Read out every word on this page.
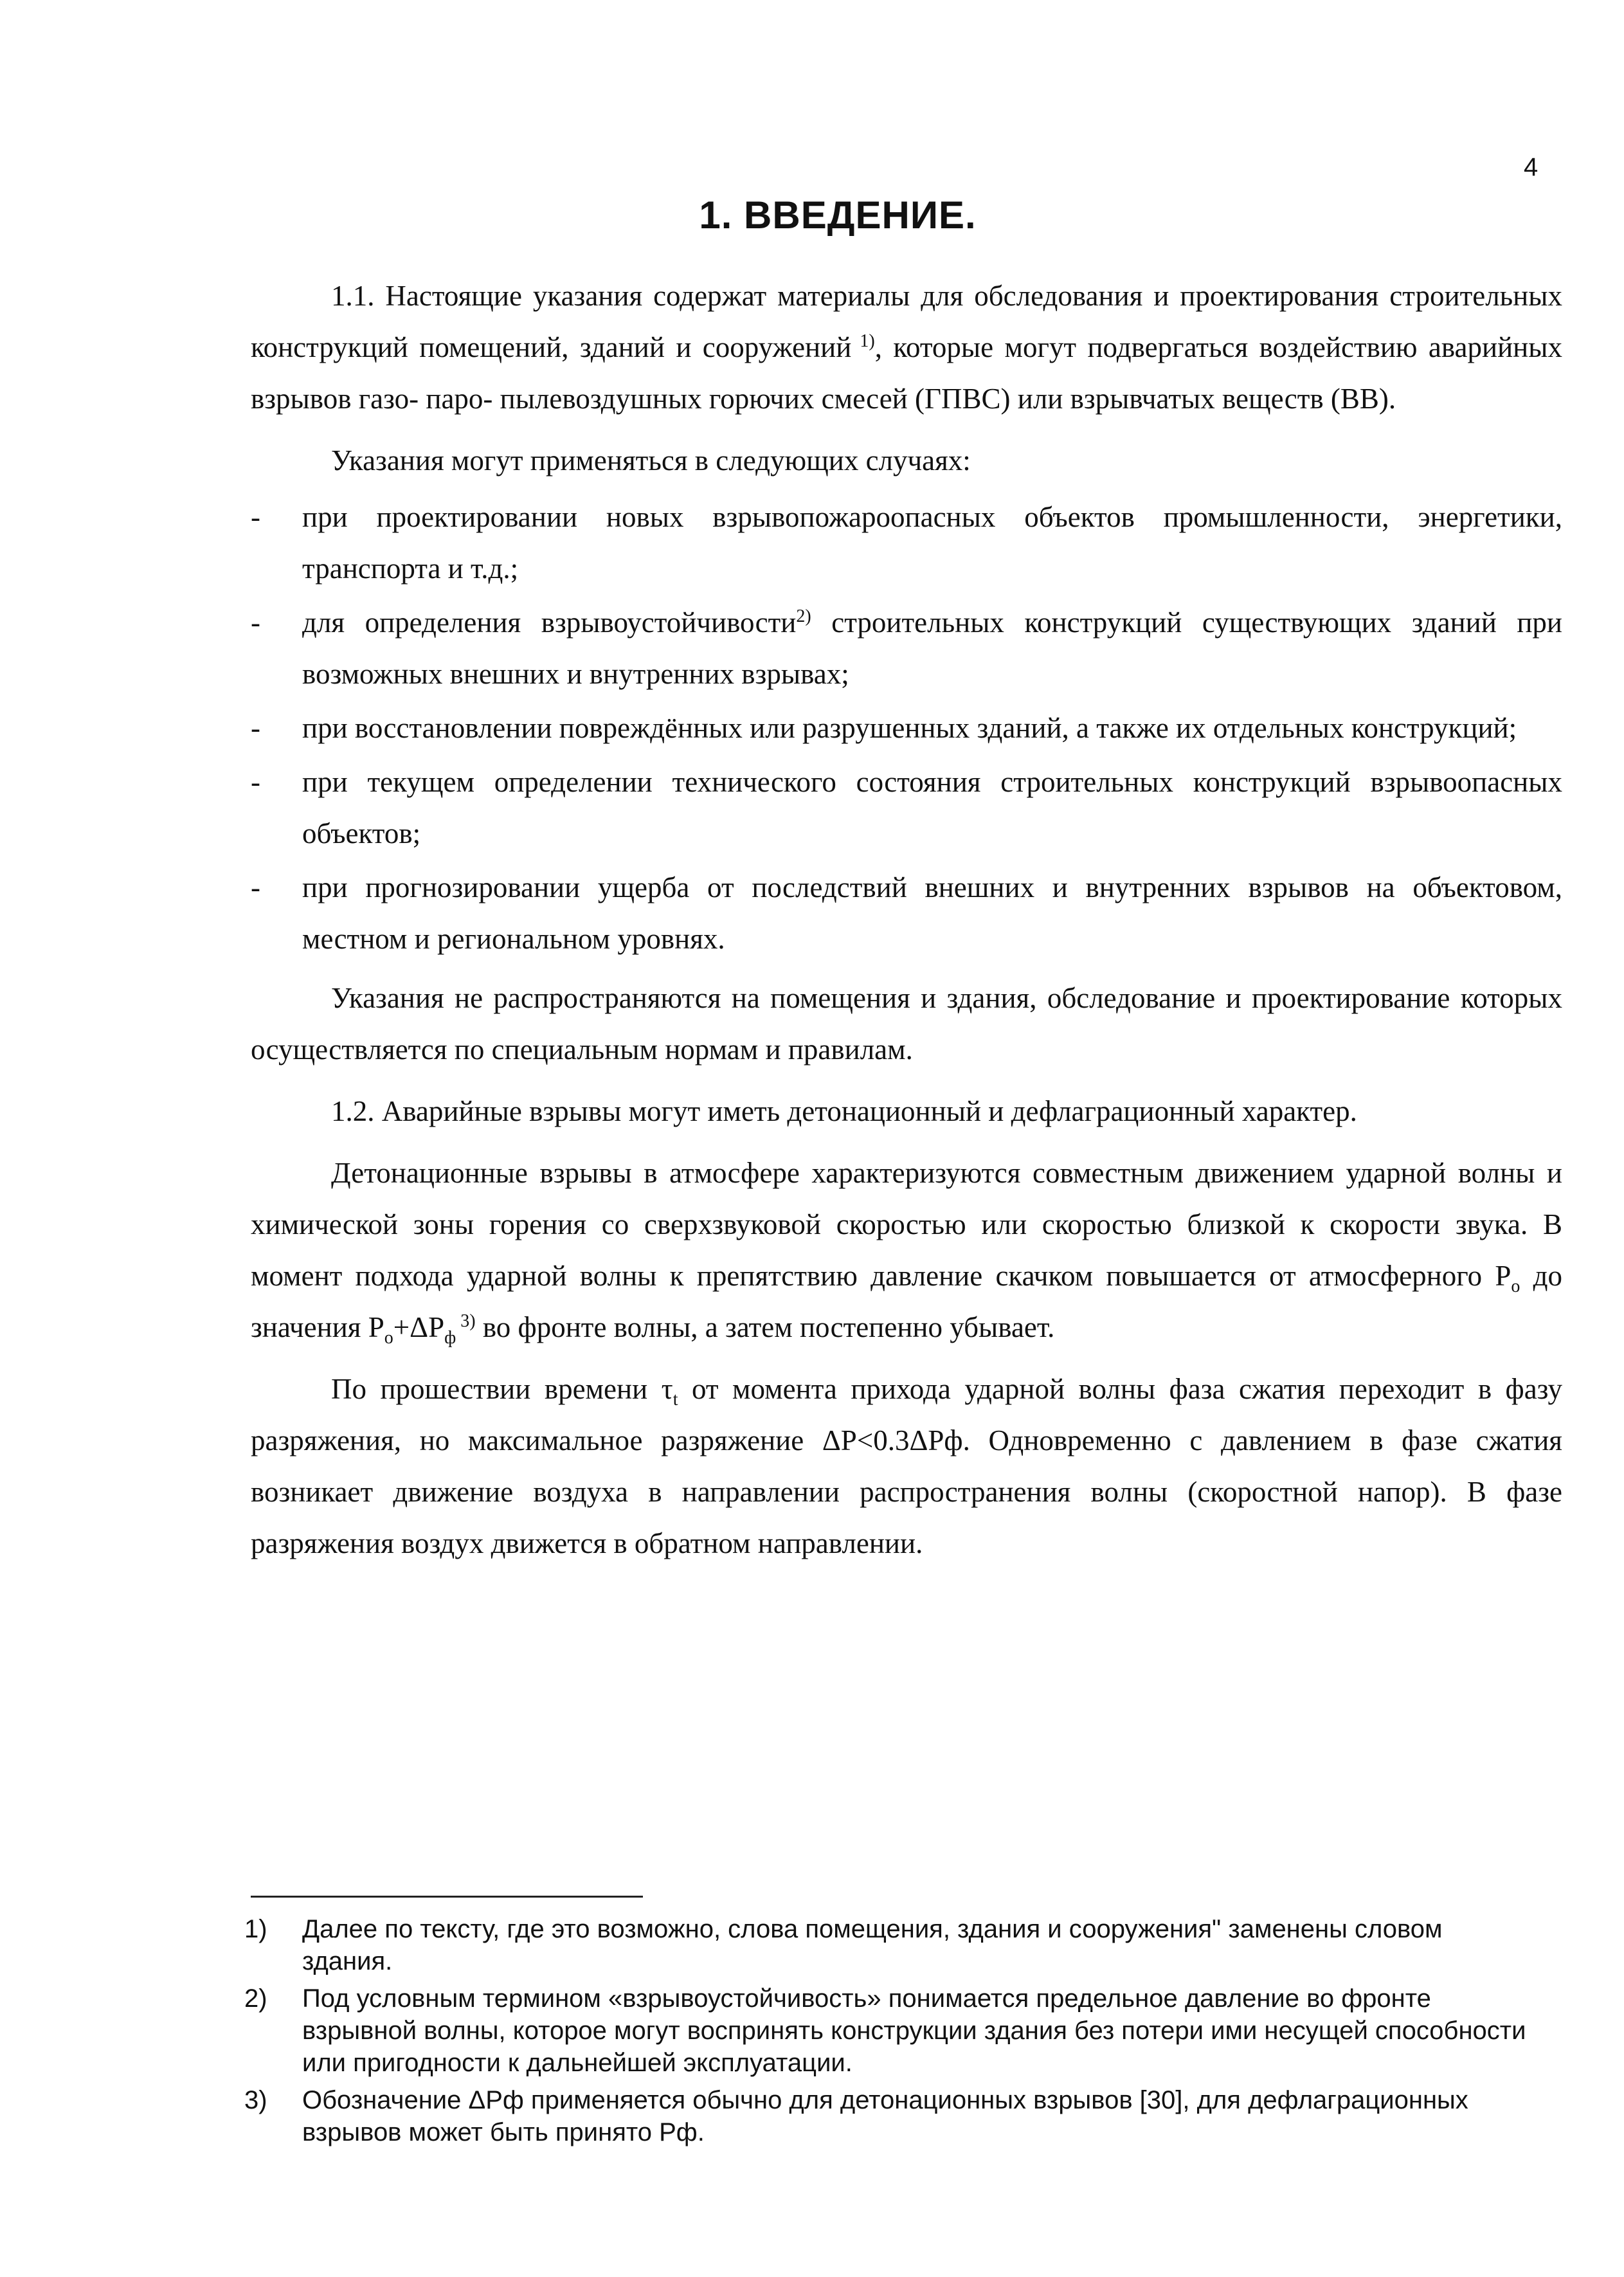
4
1. ВВЕДЕНИЕ.

1.1. Настоящие указания содержат материалы для обследования и проектирования строительных конструкций помещений, зданий и сооружений $^{1)}$, которые могут подвергаться воздействию аварийных взрывов газо- паро- пылевоздушных горючих смесей (ГПВС) или взрывчатых веществ (ВВ).

Указания могут применяться в следующих случаях:

- при проектировании новых взрывопожароопасных объектов промышленности, энергетики, транспорта и т.д.;
- для определения взрывоустойчивости$^{2)}$ строительных конструкций существующих зданий при возможных внешних и внутренних взрывах;
- при восстановлении повреждённых или разрушенных зданий, а также их отдельных конструкций;
- при текущем определении технического состояния строительных конструкций взрывоопасных объектов;
- при прогнозировании ущерба от последствий внешних и внутренних взрывов на объектовом, местном и региональном уровнях.

Указания не распространяются на помещения и здания, обследование и проектирование которых осуществляется по специальным нормам и правилам.

1.2. Аварийные взрывы могут иметь детонационный и дефлаграционный характер.

Детонационные взрывы в атмосфере характеризуются совместным движением ударной волны и химической зоны горения со сверхзвуковой скоростью или скоростью близкой к скорости звука. В момент подхода ударной волны к препятствию давление скачком повышается от атмосферного $P_o$ до значения $P_o+\Delta P_ф$ $^{3)}$ во фронте волны, а затем постепенно убывает.

По прошествии времени $\tau_t$ от момента прихода ударной волны фаза сжатия переходит в фазу разряжения, но максимальное разряжение ΔP<0.3ΔPф. Одновременно с давлением в фазе сжатия возникает движение воздуха в направлении распространения волны (скоростной напор). В фазе разряжения воздух движется в обратном направлении.

1) Далее по тексту, где это возможно, слова помещения, здания и сооружения" заменены словом здания.
2) Под условным термином «взрывоустойчивость» понимается предельное давление во фронте взрывной волны, которое могут воспринять конструкции здания без потери ими несущей способности или пригодности к дальнейшей эксплуатации.
3) Обозначение ΔPф применяется обычно для детонационных взрывов [30], для дефлаграционных взрывов может быть принято Pф.
